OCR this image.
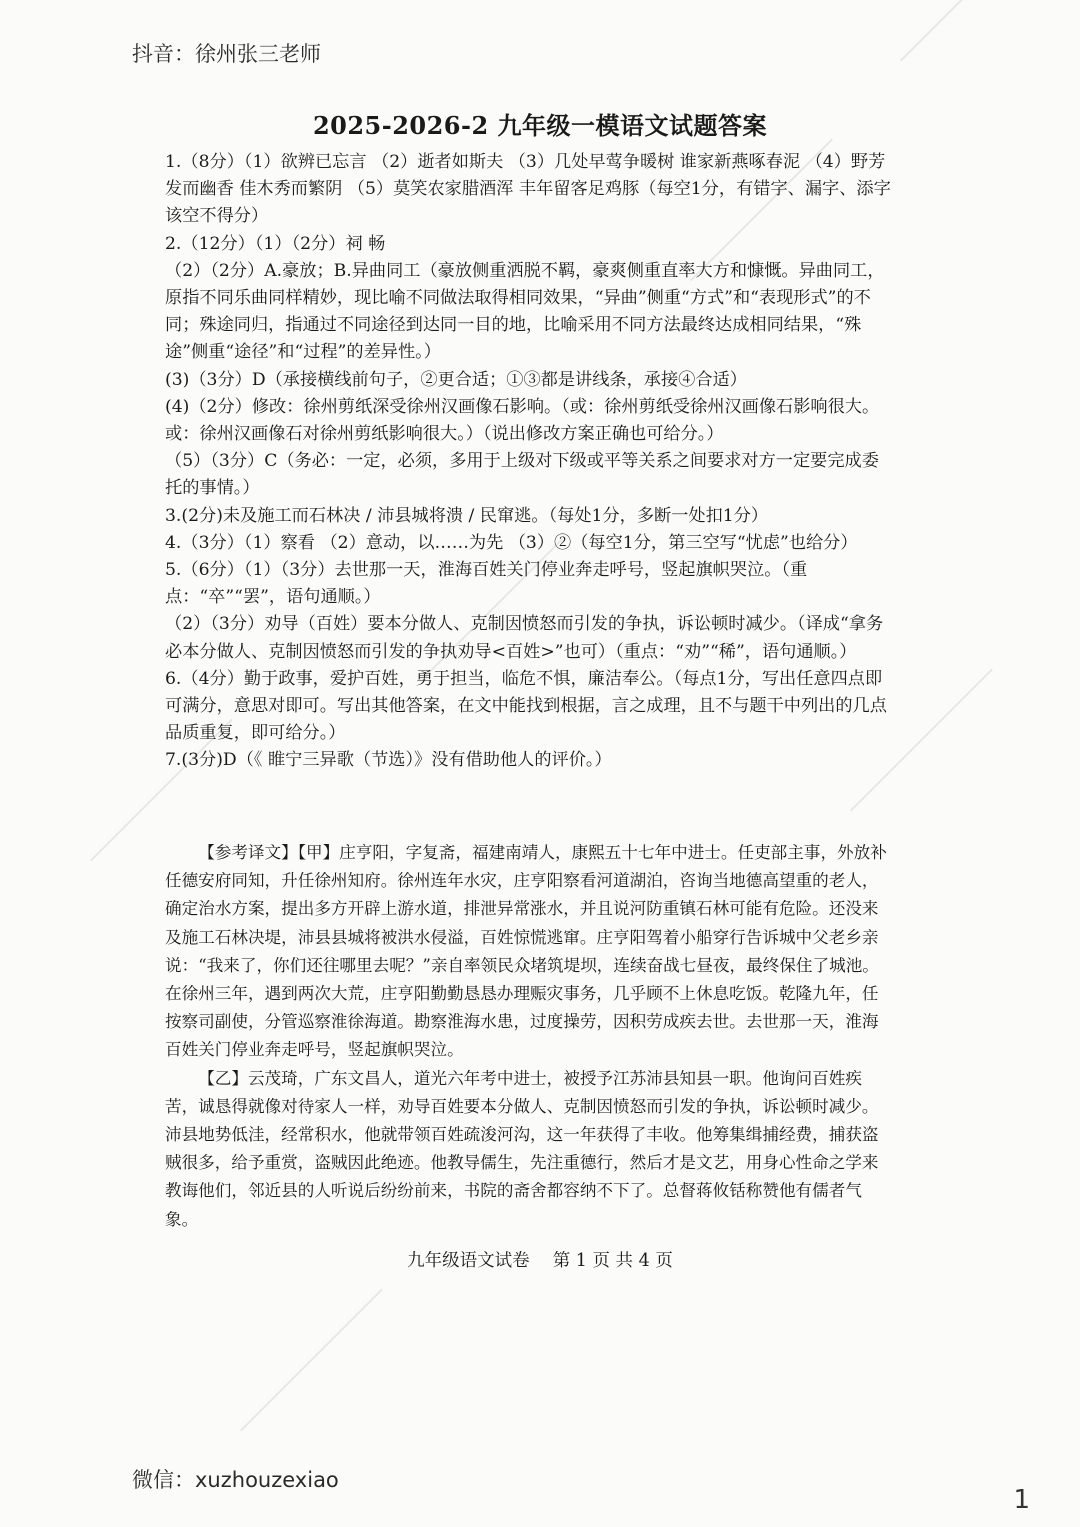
抖音：徐州张三老师
2025-2026-2 九年级一模语文试题答案

1.（8分）（1）欲辨已忘言 （2）逝者如斯夫 （3）几处早莺争暖树 谁家新燕啄春泥 （4）野芳发而幽香 佳木秀而繁阴 （5）莫笑农家腊酒浑 丰年留客足鸡豚（每空1分，有错字、漏字、添字该空不得分）

2.（12分）（1）（2分）祠 畅

（2）（2分）A.豪放；B.异曲同工（豪放侧重洒脱不羁，豪爽侧重直率大方和慷慨。异曲同工，原指不同乐曲同样精妙，现比喻不同做法取得相同效果，“异曲”侧重“方式”和“表现形式”的不同；殊途同归，指通过不同途径到达同一目的地，比喻采用不同方法最终达成相同结果，“殊途”侧重“途径”和“过程”的差异性。）

(3)（3分）D（承接横线前句子，②更合适；①③都是讲线条，承接④合适）

(4)（2分）修改：徐州剪纸深受徐州汉画像石影响。（或：徐州剪纸受徐州汉画像石影响很大。或：徐州汉画像石对徐州剪纸影响很大。）（说出修改方案正确也可给分。）

（5）（3分）C（务必：一定，必须，多用于上级对下级或平等关系之间要求对方一定要完成委托的事情。）

3.(2分)未及施工而石林决 / 沛县城将溃 / 民窜逃。（每处1分，多断一处扣1分）

4.（3分）（1）察看 （2）意动，以……为先 （3）②（每空1分，第三空写“忧虑”也给分）

5.（6分）（1）（3分）去世那一天，淮海百姓关门停业奔走呼号，竖起旗帜哭泣。（重点：“卒”“罢”，语句通顺。）

（2）（3分）劝导（百姓）要本分做人、克制因愤怒而引发的争执，诉讼顿时减少。（译成“拿务必本分做人、克制因愤怒而引发的争执劝导<百姓>”也可）（重点：“劝”“稀”，语句通顺。）

6.（4分）勤于政事，爱护百姓，勇于担当，临危不惧，廉洁奉公。（每点1分，写出任意四点即可满分，意思对即可。写出其他答案，在文中能找到根据，言之成理，且不与题干中列出的几点品质重复，即可给分。）

7.(3分)D（《 睢宁三异歌（节选）》没有借助他人的评价。）

【参考译文】【甲】庄亨阳，字复斋，福建南靖人，康熙五十七年中进士。任吏部主事，外放补任德安府同知，升任徐州知府。徐州连年水灾，庄亨阳察看河道湖泊，咨询当地德高望重的老人，确定治水方案，提出多方开辟上游水道，排泄异常涨水，并且说河防重镇石林可能有危险。还没来及施工石林决堤，沛县县城将被洪水侵溢，百姓惊慌逃窜。庄亨阳驾着小船穿行告诉城中父老乡亲说：“我来了，你们还往哪里去呢？”亲自率领民众堵筑堤坝，连续奋战七昼夜，最终保住了城池。在徐州三年，遇到两次大荒，庄亨阳勤勤恳恳办理赈灾事务，几乎顾不上休息吃饭。乾隆九年，任按察司副使，分管巡察淮徐海道。勘察淮海水患，过度操劳，因积劳成疾去世。去世那一天，淮海百姓关门停业奔走呼号，竖起旗帜哭泣。

【乙】云茂琦，广东文昌人，道光六年考中进士，被授予江苏沛县知县一职。他询问百姓疾苦，诚恳得就像对待家人一样，劝导百姓要本分做人、克制因愤怒而引发的争执，诉讼顿时减少。沛县地势低洼，经常积水，他就带领百姓疏浚河沟，这一年获得了丰收。他筹集缉捕经费，捕获盗贼很多，给予重赏，盗贼因此绝迹。他教导儒生，先注重德行，然后才是文艺，用身心性命之学来教诲他们，邻近县的人听说后纷纷前来，书院的斋舍都容纳不下了。总督蒋攸铦称赞他有儒者气象。

九年级语文试卷　 第 1 页 共 4 页
微信：xuzhouzexiao
1
